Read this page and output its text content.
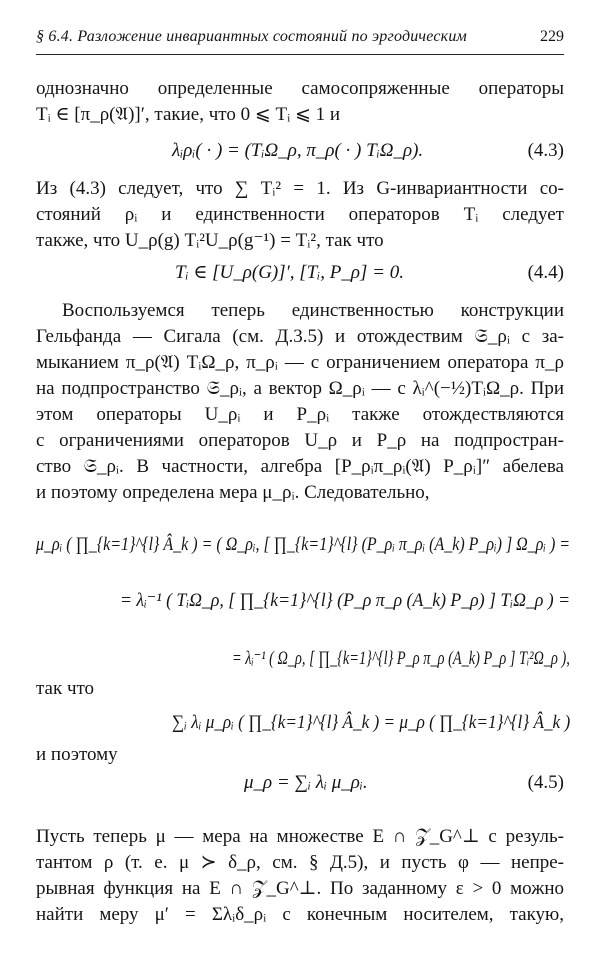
§ 6.4. Разложение инвариантных состояний по эргодическим	229
однозначно определенные самосопряженные операторы
Tᵢ ∈ [π_ρ(𝔄)]′, такие, что 0 ⩽ Tᵢ ⩽ 1 и
λᵢρᵢ( · ) = (TᵢΩ_ρ, π_ρ( · ) TᵢΩ_ρ).	(4.3)
Из (4.3) следует, что ∑ Tᵢ² = 1. Из G-инвариантности со-
стояний ρᵢ и единственности операторов Tᵢ следует
также, что U_ρ(g) Tᵢ²U_ρ(g⁻¹) = Tᵢ², так что
Tᵢ ∈ [U_ρ(G)]′, [Tᵢ, P_ρ] = 0.	(4.4)
Воспользуемся теперь единственностью конструкции
Гельфанда — Сигала (см. Д.3.5) и отождествим 𝔖_ρᵢ с за-
мыканием π_ρ(𝔄) TᵢΩ_ρ, π_ρᵢ — с ограничением оператора π_ρ
на подпространство 𝔖_ρᵢ, а вектор Ω_ρᵢ — с λᵢ^(−½)TᵢΩ_ρ. При
этом операторы U_ρᵢ и P_ρᵢ также отождествляются
с ограничениями операторов U_ρ и P_ρ на подпростран-
ство 𝔖_ρᵢ. В частности, алгебра [P_ρᵢπ_ρᵢ(𝔄) P_ρᵢ]″ абелева
и поэтому определена мера μ_ρᵢ. Следовательно,
μ_ρᵢ ( ∏_{k=1}^{l} Â_k ) = ( Ω_ρᵢ, [ ∏_{k=1}^{l} (P_ρᵢ π_ρᵢ (A_k) P_ρᵢ) ] Ω_ρᵢ ) =
= λᵢ⁻¹ ( TᵢΩ_ρ, [ ∏_{k=1}^{l} (P_ρ π_ρ (A_k) P_ρ) ] TᵢΩ_ρ ) =
= λᵢ⁻¹ ( Ω_ρ, [ ∏_{k=1}^{l} P_ρ π_ρ (A_k) P_ρ ] Tᵢ²Ω_ρ ),
так что
∑ᵢ λᵢ μ_ρᵢ ( ∏_{k=1}^{l} Â_k ) = μ_ρ ( ∏_{k=1}^{l} Â_k )
и поэтому
μ_ρ = ∑ᵢ λᵢ μ_ρᵢ.	(4.5)
Пусть теперь μ — мера на множестве E ∩ 𝒵_G^⊥ с резуль-
тантом ρ (т. е. μ ≻ δ_ρ, см. § Д.5), и пусть φ — непре-
рывная функция на E ∩ 𝒵_G^⊥. По заданному ε > 0 можно
найти меру μ′ = Σλᵢδ_ρᵢ с конечным носителем, такую,
